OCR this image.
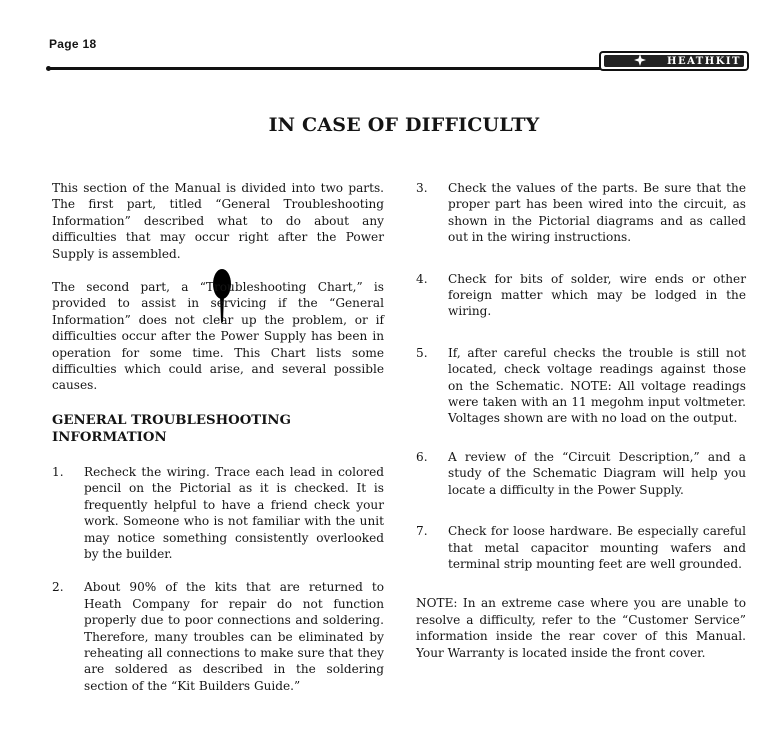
Page 18
HEATHKIT
IN CASE OF DIFFICULTY

This section of the Manual is divided into two parts. The first part, titled “General Troubleshooting Information” described what to do about any difficulties that may occur right after the Power Supply is assembled.

The second part, a “Troubleshooting Chart,” is provided to assist in servicing if the “General Information” does not clear up the problem, or if difficulties occur after the Power Supply has been in operation for some time. This Chart lists some difficulties which could arise, and several possible causes.

GENERAL TROUBLESHOOTING INFORMATION

1.	Recheck the wiring. Trace each lead in colored pencil on the Pictorial as it is checked. It is frequently helpful to have a friend check your work. Someone who is not familiar with the unit may notice something consistently overlooked by the builder.

2.	About 90% of the kits that are returned to Heath Company for repair do not function properly due to poor connections and soldering. Therefore, many troubles can be eliminated by reheating all connections to make sure that they are soldered as described in the soldering section of the “Kit Builders Guide.”

3.	Check the values of the parts. Be sure that the proper part has been wired into the circuit, as shown in the Pictorial diagrams and as called out in the wiring instructions.

4.	Check for bits of solder, wire ends or other foreign matter which may be lodged in the wiring.

5.	If, after careful checks the trouble is still not located, check voltage readings against those on the Schematic. NOTE: All voltage readings were taken with an 11 megohm input voltmeter. Voltages shown are with no load on the output.

6.	A review of the “Circuit Description,” and a study of the Schematic Diagram will help you locate a difficulty in the Power Supply.

7.	Check for loose hardware. Be especially careful that metal capacitor mounting wafers and terminal strip mounting feet are well grounded.

NOTE: In an extreme case where you are unable to resolve a difficulty, refer to the “Customer Service” information inside the rear cover of this Manual. Your Warranty is located inside the front cover.
